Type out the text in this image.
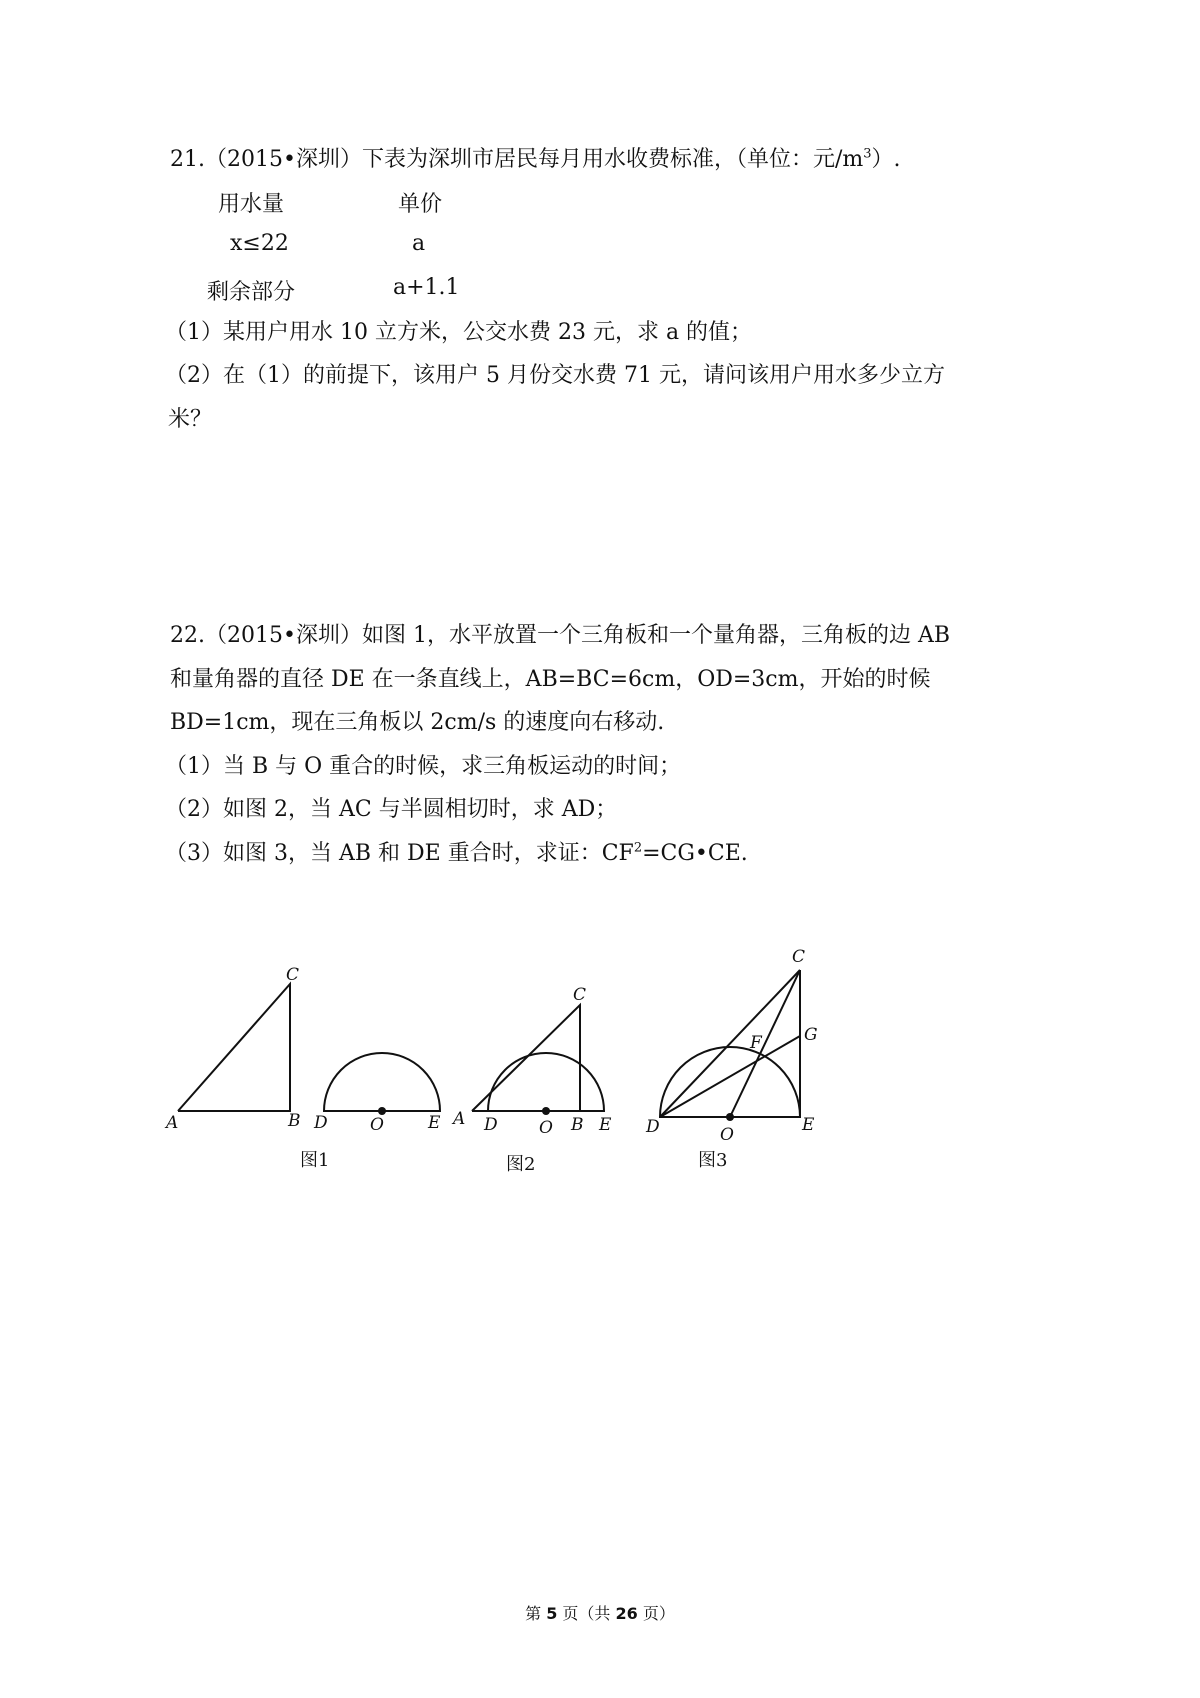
21.（2015•深圳）下表为深圳市居民每月用水收费标准，（单位：元$/m^3$）.
用水量	单价
x≤22	a
剩余部分	a+1.1
（1）某用户用水 10 立方米，公交水费 23 元，求 a 的值；
（2）在（1）的前提下，该用户 5 月份交水费 71 元，请问该用户用水多少立方
米？
22.（2015•深圳）如图 1，水平放置一个三角板和一个量角器，三角板的边 AB
和量角器的直径 DE 在一条直线上，AB=BC=6cm，OD=3cm，开始的时候
BD=1cm，现在三角板以 2cm/s 的速度向右移动.
（1）当 B 与 O 重合的时候，求三角板运动的时间；
（2）如图 2，当 AC 与半圆相切时，求 AD；
（3）如图 3，当 AB 和 DE 重合时，求证：$CF^2=CG•CE$.
C
A	B D O	E
图1
C
A D O B E
图2
C
G
F
D	O	E
图3
第 5 页（共 26 页）
